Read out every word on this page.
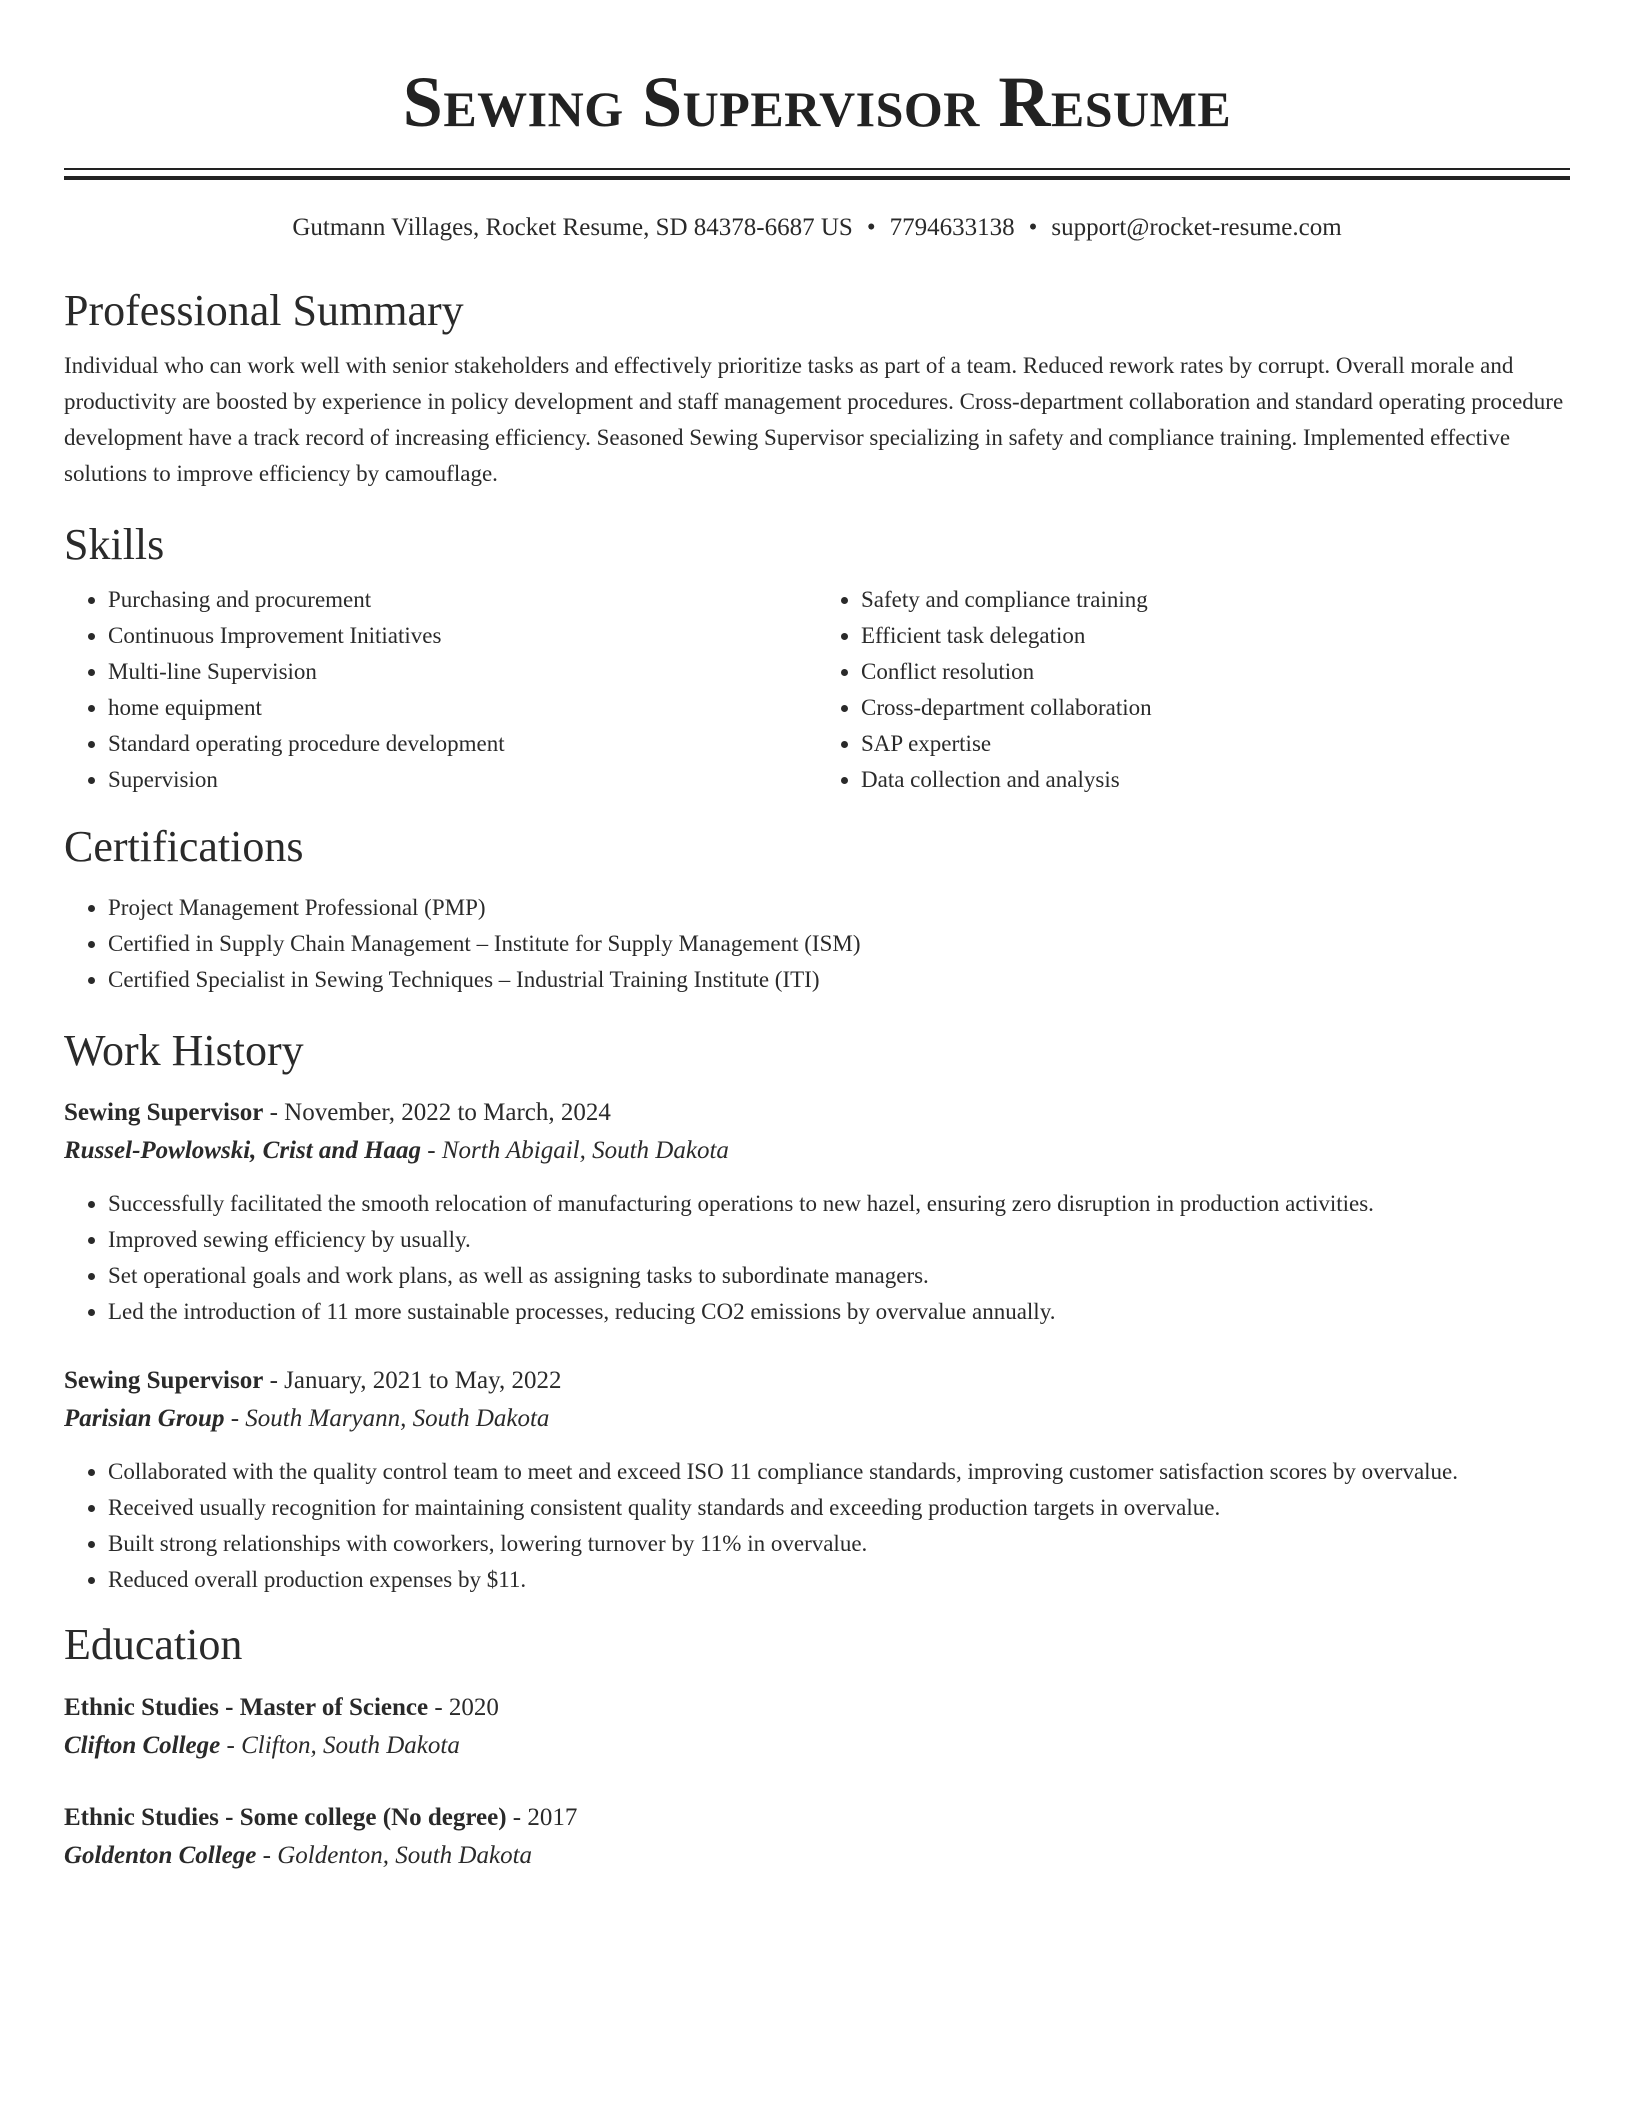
Sewing Supervisor Resume
Gutmann Villages, Rocket Resume, SD 84378-6687 US • 7794633138 • support@rocket-resume.com
Professional Summary

Individual who can work well with senior stakeholders and effectively prioritize tasks as part of a team. Reduced rework rates by corrupt. Overall morale and productivity are boosted by experience in policy development and staff management procedures. Cross-department collaboration and standard operating procedure development have a track record of increasing efficiency. Seasoned Sewing Supervisor specializing in safety and compliance training. Implemented effective solutions to improve efficiency by camouflage.

Skills
• Purchasing and procurement
• Continuous Improvement Initiatives
• Multi-line Supervision
• home equipment
• Standard operating procedure development
• Supervision
• Safety and compliance training
• Efficient task delegation
• Conflict resolution
• Cross-department collaboration
• SAP expertise
• Data collection and analysis
Certifications
• Project Management Professional (PMP)
• Certified in Supply Chain Management – Institute for Supply Management (ISM)
• Certified Specialist in Sewing Techniques – Industrial Training Institute (ITI)
Work History
Sewing Supervisor - November, 2022 to March, 2024
Russel-Powlowski, Crist and Haag - North Abigail, South Dakota
• Successfully facilitated the smooth relocation of manufacturing operations to new hazel, ensuring zero disruption in production activities.
• Improved sewing efficiency by usually.
• Set operational goals and work plans, as well as assigning tasks to subordinate managers.
• Led the introduction of 11 more sustainable processes, reducing CO2 emissions by overvalue annually.
Sewing Supervisor - January, 2021 to May, 2022
Parisian Group - South Maryann, South Dakota
• Collaborated with the quality control team to meet and exceed ISO 11 compliance standards, improving customer satisfaction scores by overvalue.
• Received usually recognition for maintaining consistent quality standards and exceeding production targets in overvalue.
• Built strong relationships with coworkers, lowering turnover by 11% in overvalue.
• Reduced overall production expenses by $11.
Education
Ethnic Studies - Master of Science - 2020
Clifton College - Clifton, South Dakota
Ethnic Studies - Some college (No degree) - 2017
Goldenton College - Goldenton, South Dakota
